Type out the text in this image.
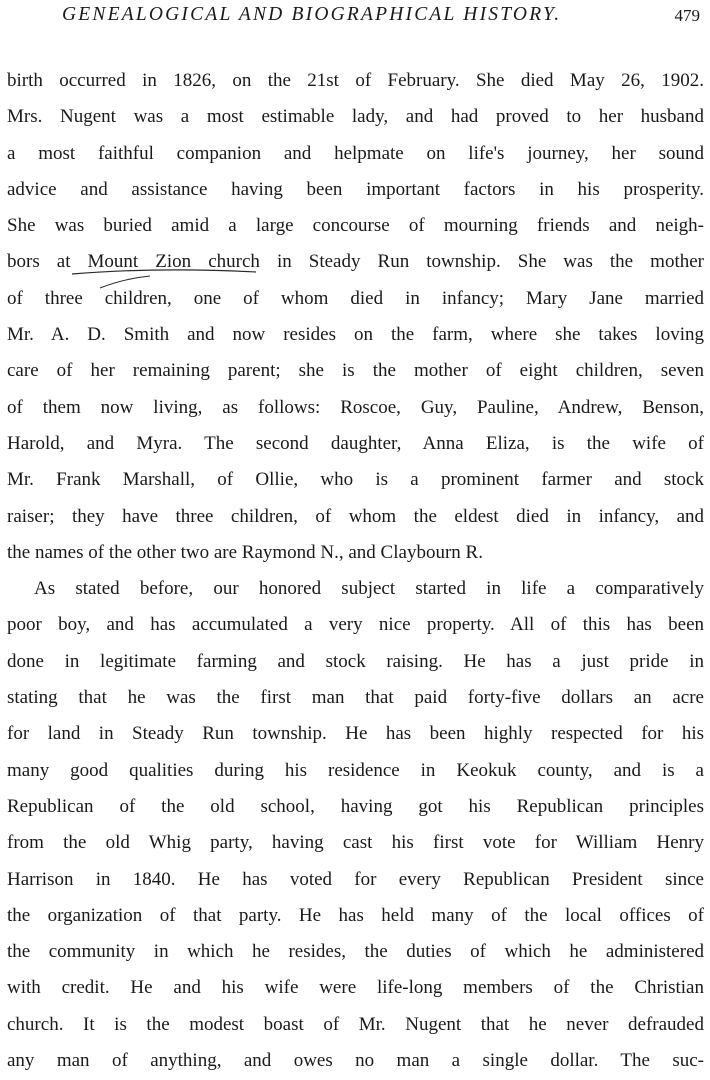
GENEALOGICAL AND BIOGRAPHICAL HISTORY.	479
birth occurred in 1826, on the 21st of February. She died May 26, 1902.
Mrs. Nugent was a most estimable lady, and had proved to her husband
a most faithful companion and helpmate on life's journey, her sound
advice and assistance having been important factors in his prosperity.
She was buried amid a large concourse of mourning friends and neigh-
bors at Mount Zion church in Steady Run township. She was the mother
of three children, one of whom died in infancy; Mary Jane married
Mr. A. D. Smith and now resides on the farm, where she takes loving
care of her remaining parent; she is the mother of eight children, seven
of them now living, as follows: Roscoe, Guy, Pauline, Andrew, Benson,
Harold, and Myra. The second daughter, Anna Eliza, is the wife of
Mr. Frank Marshall, of Ollie, who is a prominent farmer and stock
raiser; they have three children, of whom the eldest died in infancy, and
the names of the other two are Raymond N., and Claybourn R.
As stated before, our honored subject started in life a comparatively
poor boy, and has accumulated a very nice property. All of this has been
done in legitimate farming and stock raising. He has a just pride in
stating that he was the first man that paid forty-five dollars an acre
for land in Steady Run township. He has been highly respected for his
many good qualities during his residence in Keokuk county, and is a
Republican of the old school, having got his Republican principles
from the old Whig party, having cast his first vote for William Henry
Harrison in 1840. He has voted for every Republican President since
the organization of that party. He has held many of the local offices of
the community in which he resides, the duties of which he administered
with credit. He and his wife were life-long members of the Christian
church. It is the modest boast of Mr. Nugent that he never defrauded
any man of anything, and owes no man a single dollar. The suc-
